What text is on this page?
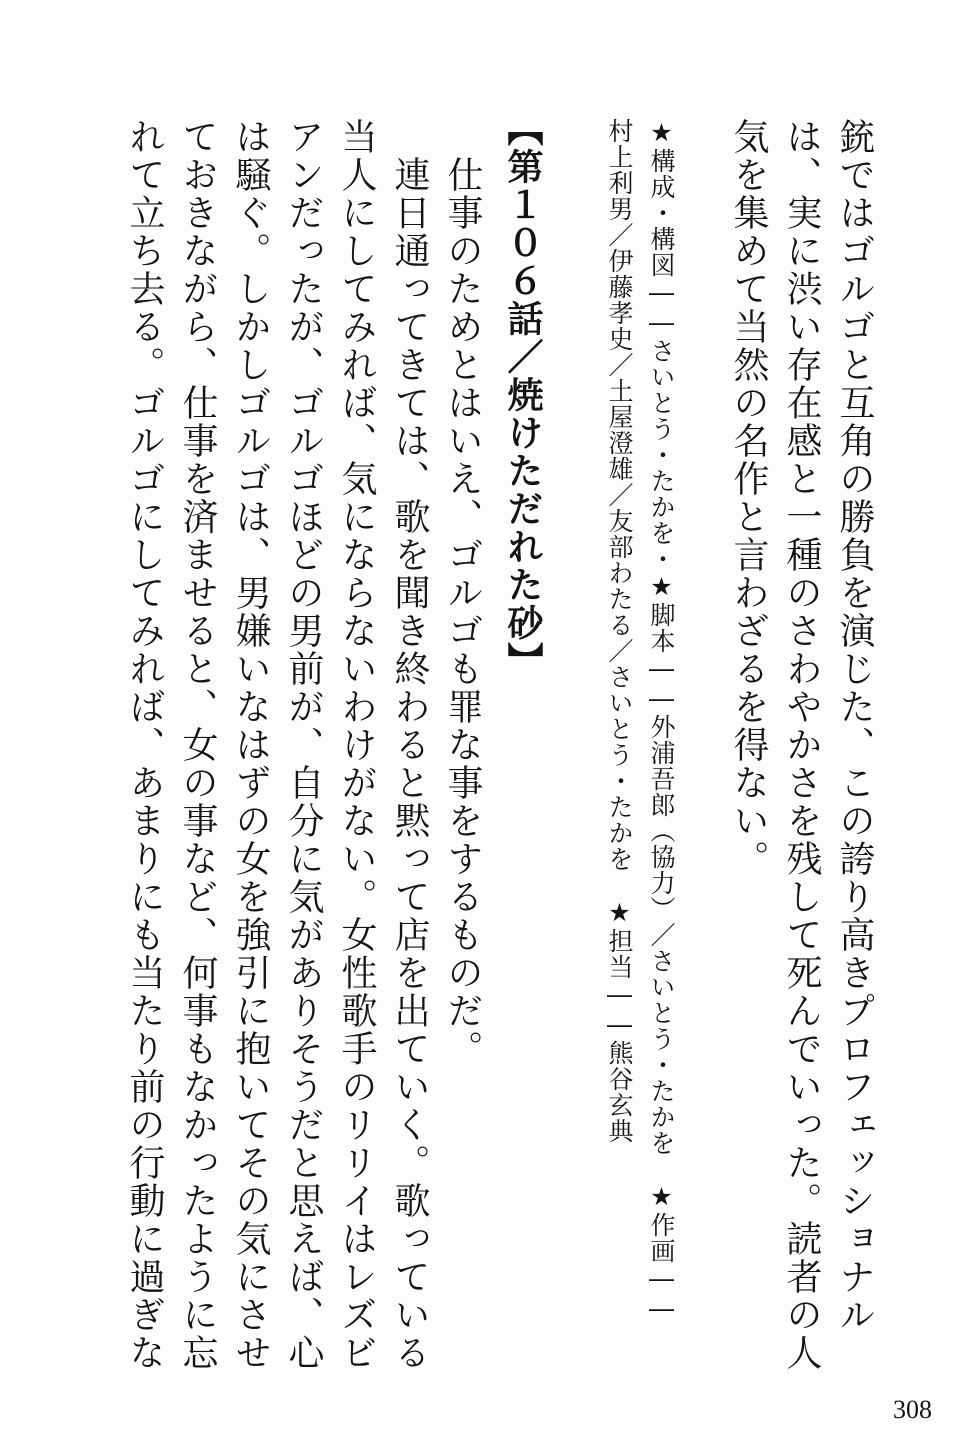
銃ではゴルゴと互角の勝負を演じた、この誇り高きプロフェッショナル
は、実に渋い存在感と一種のさわやかさを残して死んでいった。読者の人
気を集めて当然の名作と言わざるを得ない。
★構成・構図――さいとう・たかを・★脚本――外浦吾郎（協力）／さいとう・たかを　★作画――
村上利男／伊藤孝史／土屋澄雄／友部わたる／さいとう・たかを　★担当――熊谷玄典
【第１０６話／焼けただれた砂】
　仕事のためとはいえ、ゴルゴも罪な事をするものだ。
　連日通ってきては、歌を聞き終わると黙って店を出ていく。歌っている
当人にしてみれば、気にならないわけがない。女性歌手のリリイはレズビ
アンだったが、ゴルゴほどの男前が、自分に気がありそうだと思えば、心
は騒ぐ。しかしゴルゴは、男嫌いなはずの女を強引に抱いてその気にさせ
ておきながら、仕事を済ませると、女の事など、何事もなかったように忘
れて立ち去る。ゴルゴにしてみれば、あまりにも当たり前の行動に過ぎな
308
